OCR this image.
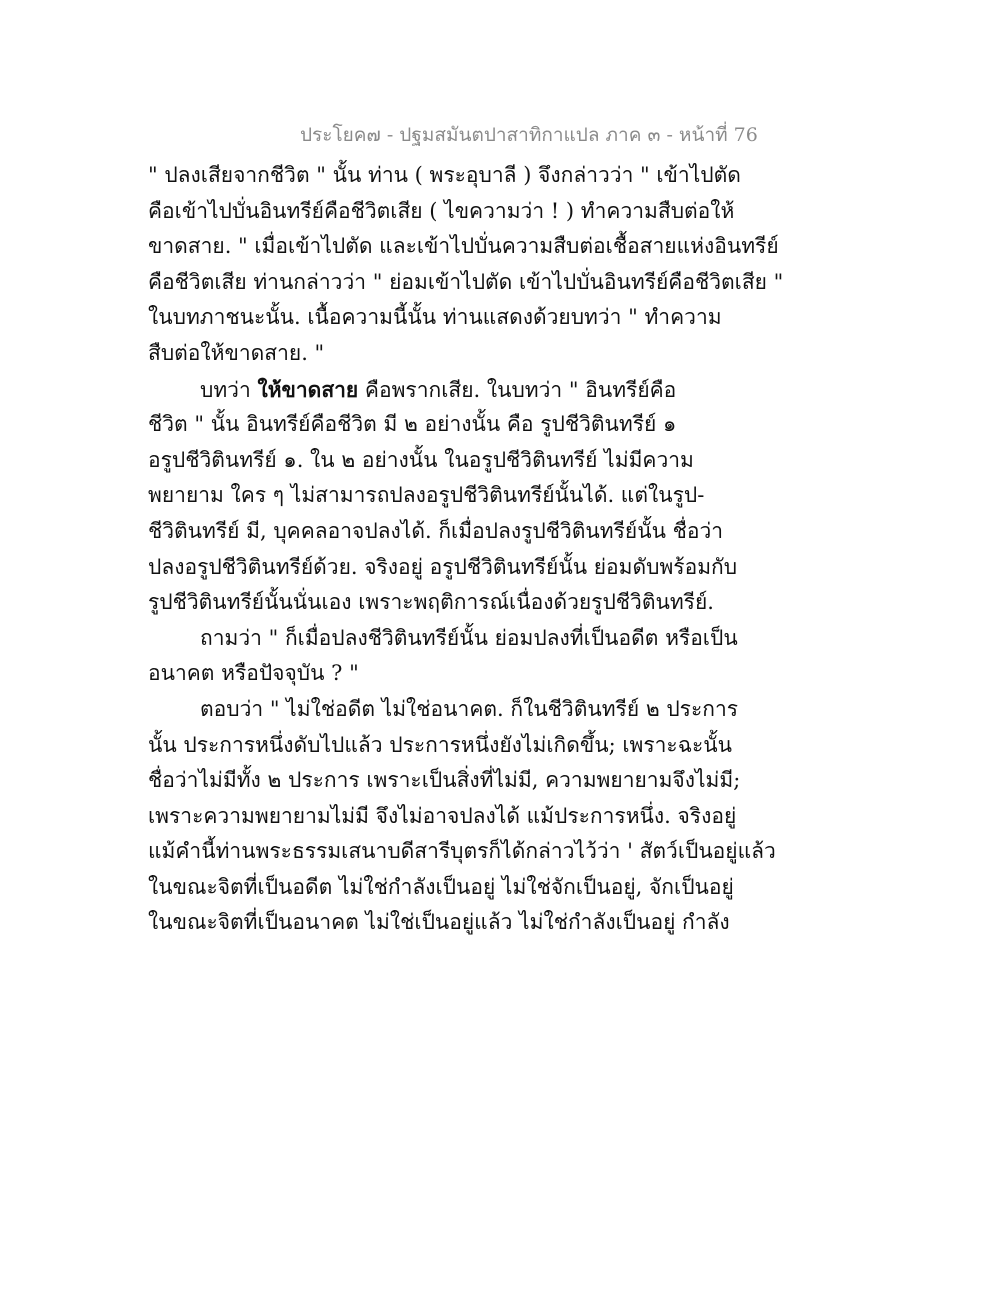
ประโยค๗ - ปฐมสมันตปาสาทิกาแปล ภาค ๓ - หน้าที่ 76
" ปลงเสียจากชีวิต " นั้น ท่าน ( พระอุบาลี ) จึงกล่าวว่า " เข้าไปตัด
คือเข้าไปบั่นอินทรีย์คือชีวิตเสีย ( ไขความว่า ! ) ทำความสืบต่อให้
ขาดสาย. " เมื่อเข้าไปตัด และเข้าไปบั่นความสืบต่อเชื้อสายแห่งอินทรีย์
คือชีวิตเสีย ท่านกล่าวว่า " ย่อมเข้าไปตัด เข้าไปบั่นอินทรีย์คือชีวิตเสีย "
ในบทภาชนะนั้น. เนื้อความนี้นั้น ท่านแสดงด้วยบทว่า " ทำความ
สืบต่อให้ขาดสาย. "
บทว่า ให้ขาดสาย คือพรากเสีย. ในบทว่า " อินทรีย์คือ
ชีวิต " นั้น อินทรีย์คือชีวิต มี ๒ อย่างนั้น คือ รูปชีวิตินทรีย์ ๑
อรูปชีวิตินทรีย์ ๑. ใน ๒ อย่างนั้น ในอรูปชีวิตินทรีย์ ไม่มีความ
พยายาม ใคร ๆ ไม่สามารถปลงอรูปชีวิตินทรีย์นั้นได้. แต่ในรูป-
ชีวิตินทรีย์ มี, บุคคลอาจปลงได้. ก็เมื่อปลงรูปชีวิตินทรีย์นั้น ชื่อว่า
ปลงอรูปชีวิตินทรีย์ด้วย. จริงอยู่ อรูปชีวิตินทรีย์นั้น ย่อมดับพร้อมกับ
รูปชีวิตินทรีย์นั้นนั่นเอง เพราะพฤติการณ์เนื่องด้วยรูปชีวิตินทรีย์.
ถามว่า " ก็เมื่อปลงชีวิตินทรีย์นั้น ย่อมปลงที่เป็นอดีต หรือเป็น
อนาคต หรือปัจจุบัน ? "
ตอบว่า " ไม่ใช่อดีต ไม่ใช่อนาคต. ก็ในชีวิตินทรีย์ ๒ ประการ
นั้น ประการหนึ่งดับไปแล้ว ประการหนึ่งยังไม่เกิดขึ้น; เพราะฉะนั้น
ชื่อว่าไม่มีทั้ง ๒ ประการ เพราะเป็นสิ่งที่ไม่มี, ความพยายามจึงไม่มี;
เพราะความพยายามไม่มี จึงไม่อาจปลงได้ แม้ประการหนึ่ง. จริงอยู่
แม้คำนี้ท่านพระธรรมเสนาบดีสารีบุตรก็ได้กล่าวไว้ว่า ' สัตว์เป็นอยู่แล้ว
ในขณะจิตที่เป็นอดีต ไม่ใช่กำลังเป็นอยู่ ไม่ใช่จักเป็นอยู่, จักเป็นอยู่
ในขณะจิตที่เป็นอนาคต ไม่ใช่เป็นอยู่แล้ว ไม่ใช่กำลังเป็นอยู่ กำลัง
